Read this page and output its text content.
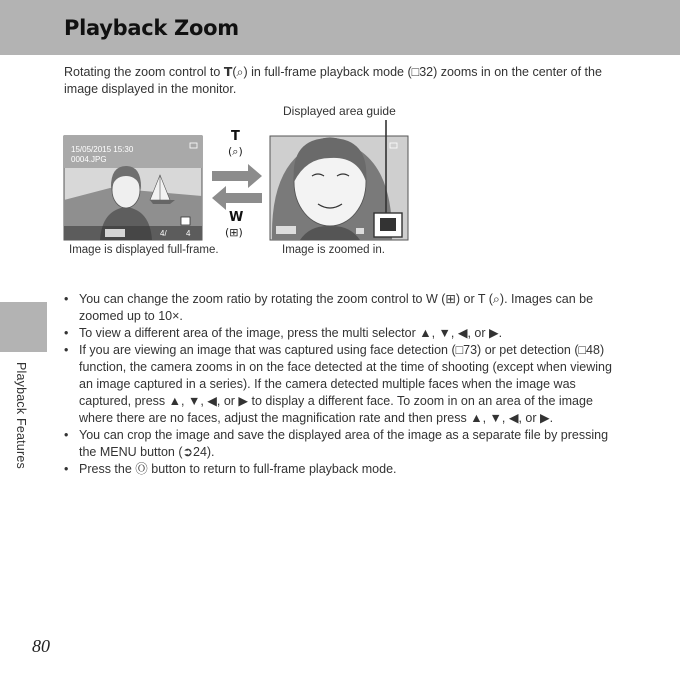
Playback Zoom
Rotating the zoom control to T(⌕) in full-frame playback mode (□32) zooms in on the center of the image displayed in the monitor.
15/05/2015 15:30
0004.JPG
4/ 4
T
(⌕)
W
(⊞)
Displayed area guide
Image is displayed full-frame.	Image is zoomed in.
• You can change the zoom ratio by rotating the zoom control to W (⊞) or T (⌕). Images can be zoomed up to 10×.
• To view a different area of the image, press the multi selector ▲, ▼, ◀, or ▶.
• If you are viewing an image that was captured using face detection (□73) or pet detection (□48) function, the camera zooms in on the face detected at the time of shooting (except when viewing an image captured in a series). If the camera detected multiple faces when the image was captured, press ▲, ▼, ◀, or ▶ to display a different face. To zoom in on an area of the image where there are no faces, adjust the magnification rate and then press ▲, ▼, ◀, or ▶.
• You can crop the image and save the displayed area of the image as a separate file by pressing the MENU button (➲24).
• Press the Ⓞ button to return to full-frame playback mode.
Playback Features
80
